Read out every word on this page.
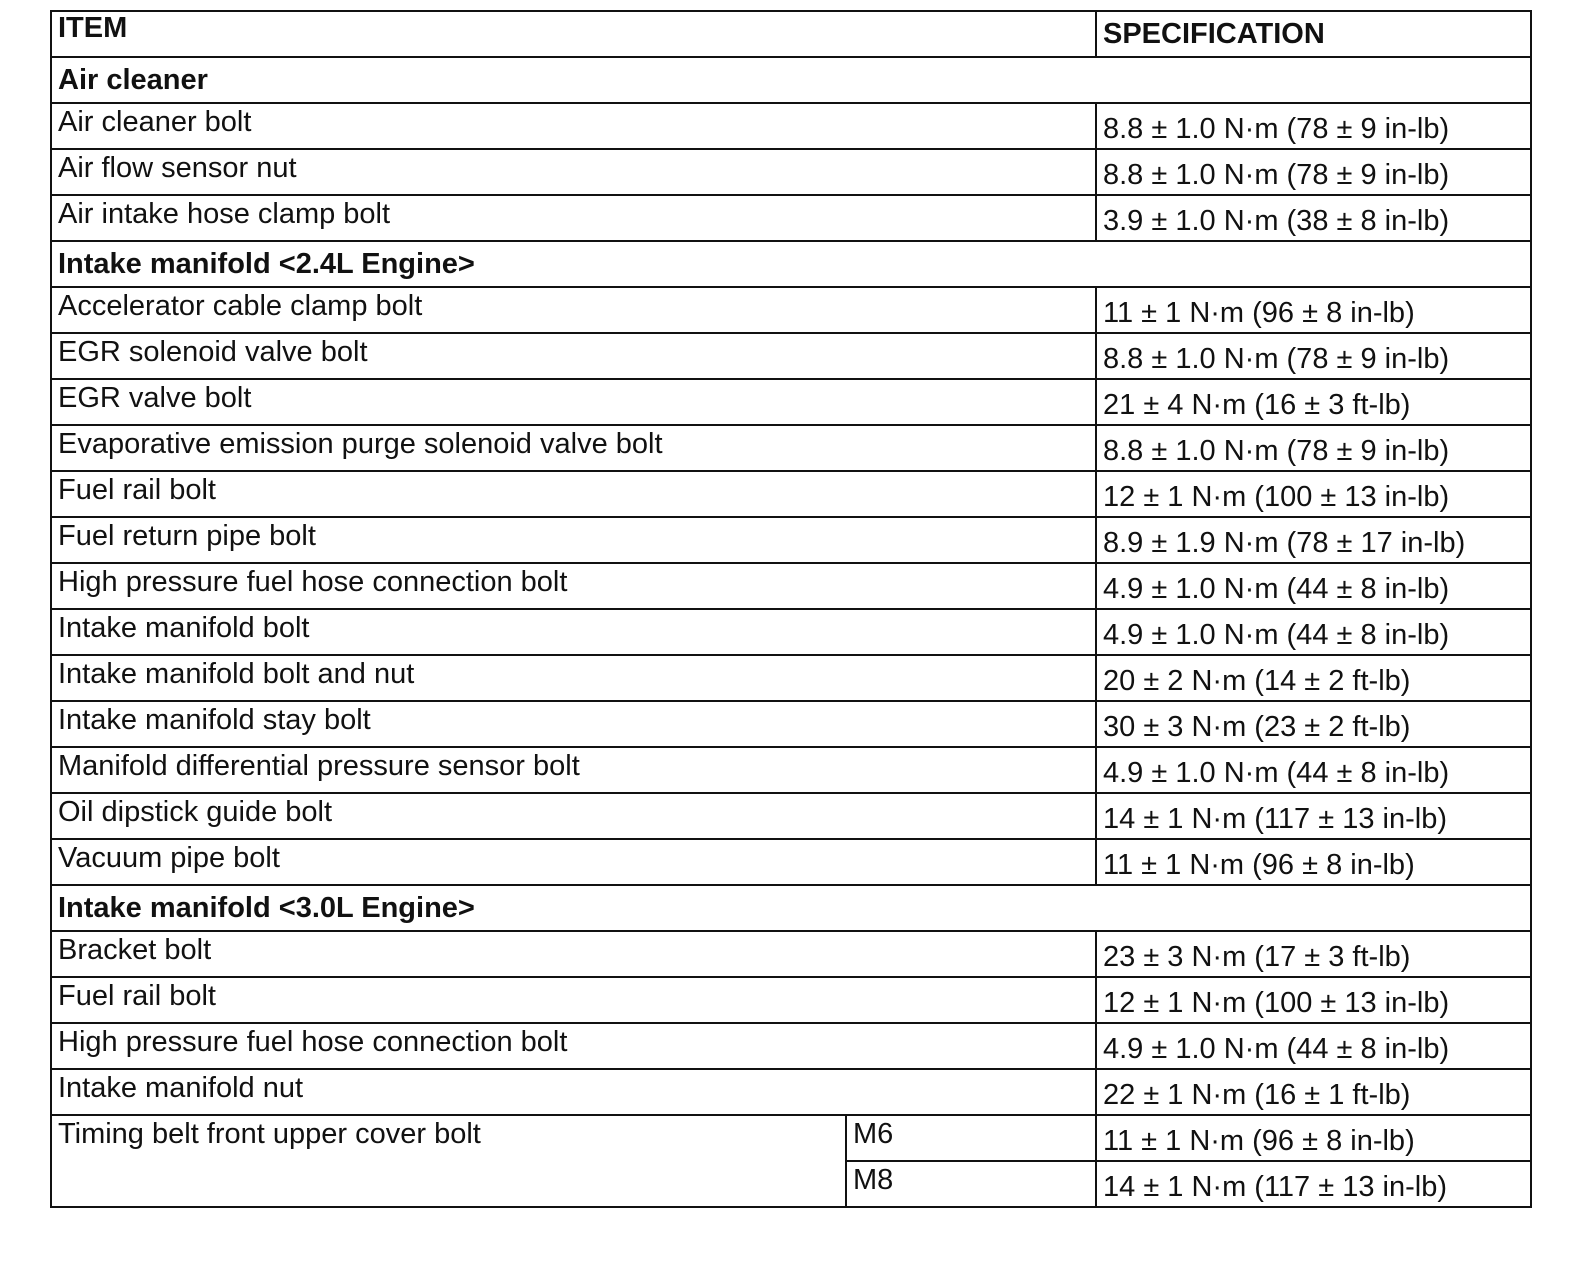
ITEM		SPECIFICATION
Air cleaner		
Air cleaner bolt		8.8 ± 1.0 N·m (78 ± 9 in-lb)
Air flow sensor nut		8.8 ± 1.0 N·m (78 ± 9 in-lb)
Air intake hose clamp bolt		3.9 ± 1.0 N·m (38 ± 8 in-lb)
Intake manifold <2.4L Engine>		
Accelerator cable clamp bolt		11 ± 1 N·m (96 ± 8 in-lb)
EGR solenoid valve bolt		8.8 ± 1.0 N·m (78 ± 9 in-lb)
EGR valve bolt		21 ± 4 N·m (16 ± 3 ft-lb)
Evaporative emission purge solenoid valve bolt		8.8 ± 1.0 N·m (78 ± 9 in-lb)
Fuel rail bolt		12 ± 1 N·m (100 ± 13 in-lb)
Fuel return pipe bolt		8.9 ± 1.9 N·m (78 ± 17 in-lb)
High pressure fuel hose connection bolt		4.9 ± 1.0 N·m (44 ± 8 in-lb)
Intake manifold bolt		4.9 ± 1.0 N·m (44 ± 8 in-lb)
Intake manifold bolt and nut		20 ± 2 N·m (14 ± 2 ft-lb)
Intake manifold stay bolt		30 ± 3 N·m (23 ± 2 ft-lb)
Manifold differential pressure sensor bolt		4.9 ± 1.0 N·m (44 ± 8 in-lb)
Oil dipstick guide bolt		14 ± 1 N·m (117 ± 13 in-lb)
Vacuum pipe bolt		11 ± 1 N·m (96 ± 8 in-lb)
Intake manifold <3.0L Engine>		
Bracket bolt		23 ± 3 N·m (17 ± 3 ft-lb)
Fuel rail bolt		12 ± 1 N·m (100 ± 13 in-lb)
High pressure fuel hose connection bolt		4.9 ± 1.0 N·m (44 ± 8 in-lb)
Intake manifold nut		22 ± 1 N·m (16 ± 1 ft-lb)
Timing belt front upper cover bolt	M6	11 ± 1 N·m (96 ± 8 in-lb)
	M8	14 ± 1 N·m (117 ± 13 in-lb)
